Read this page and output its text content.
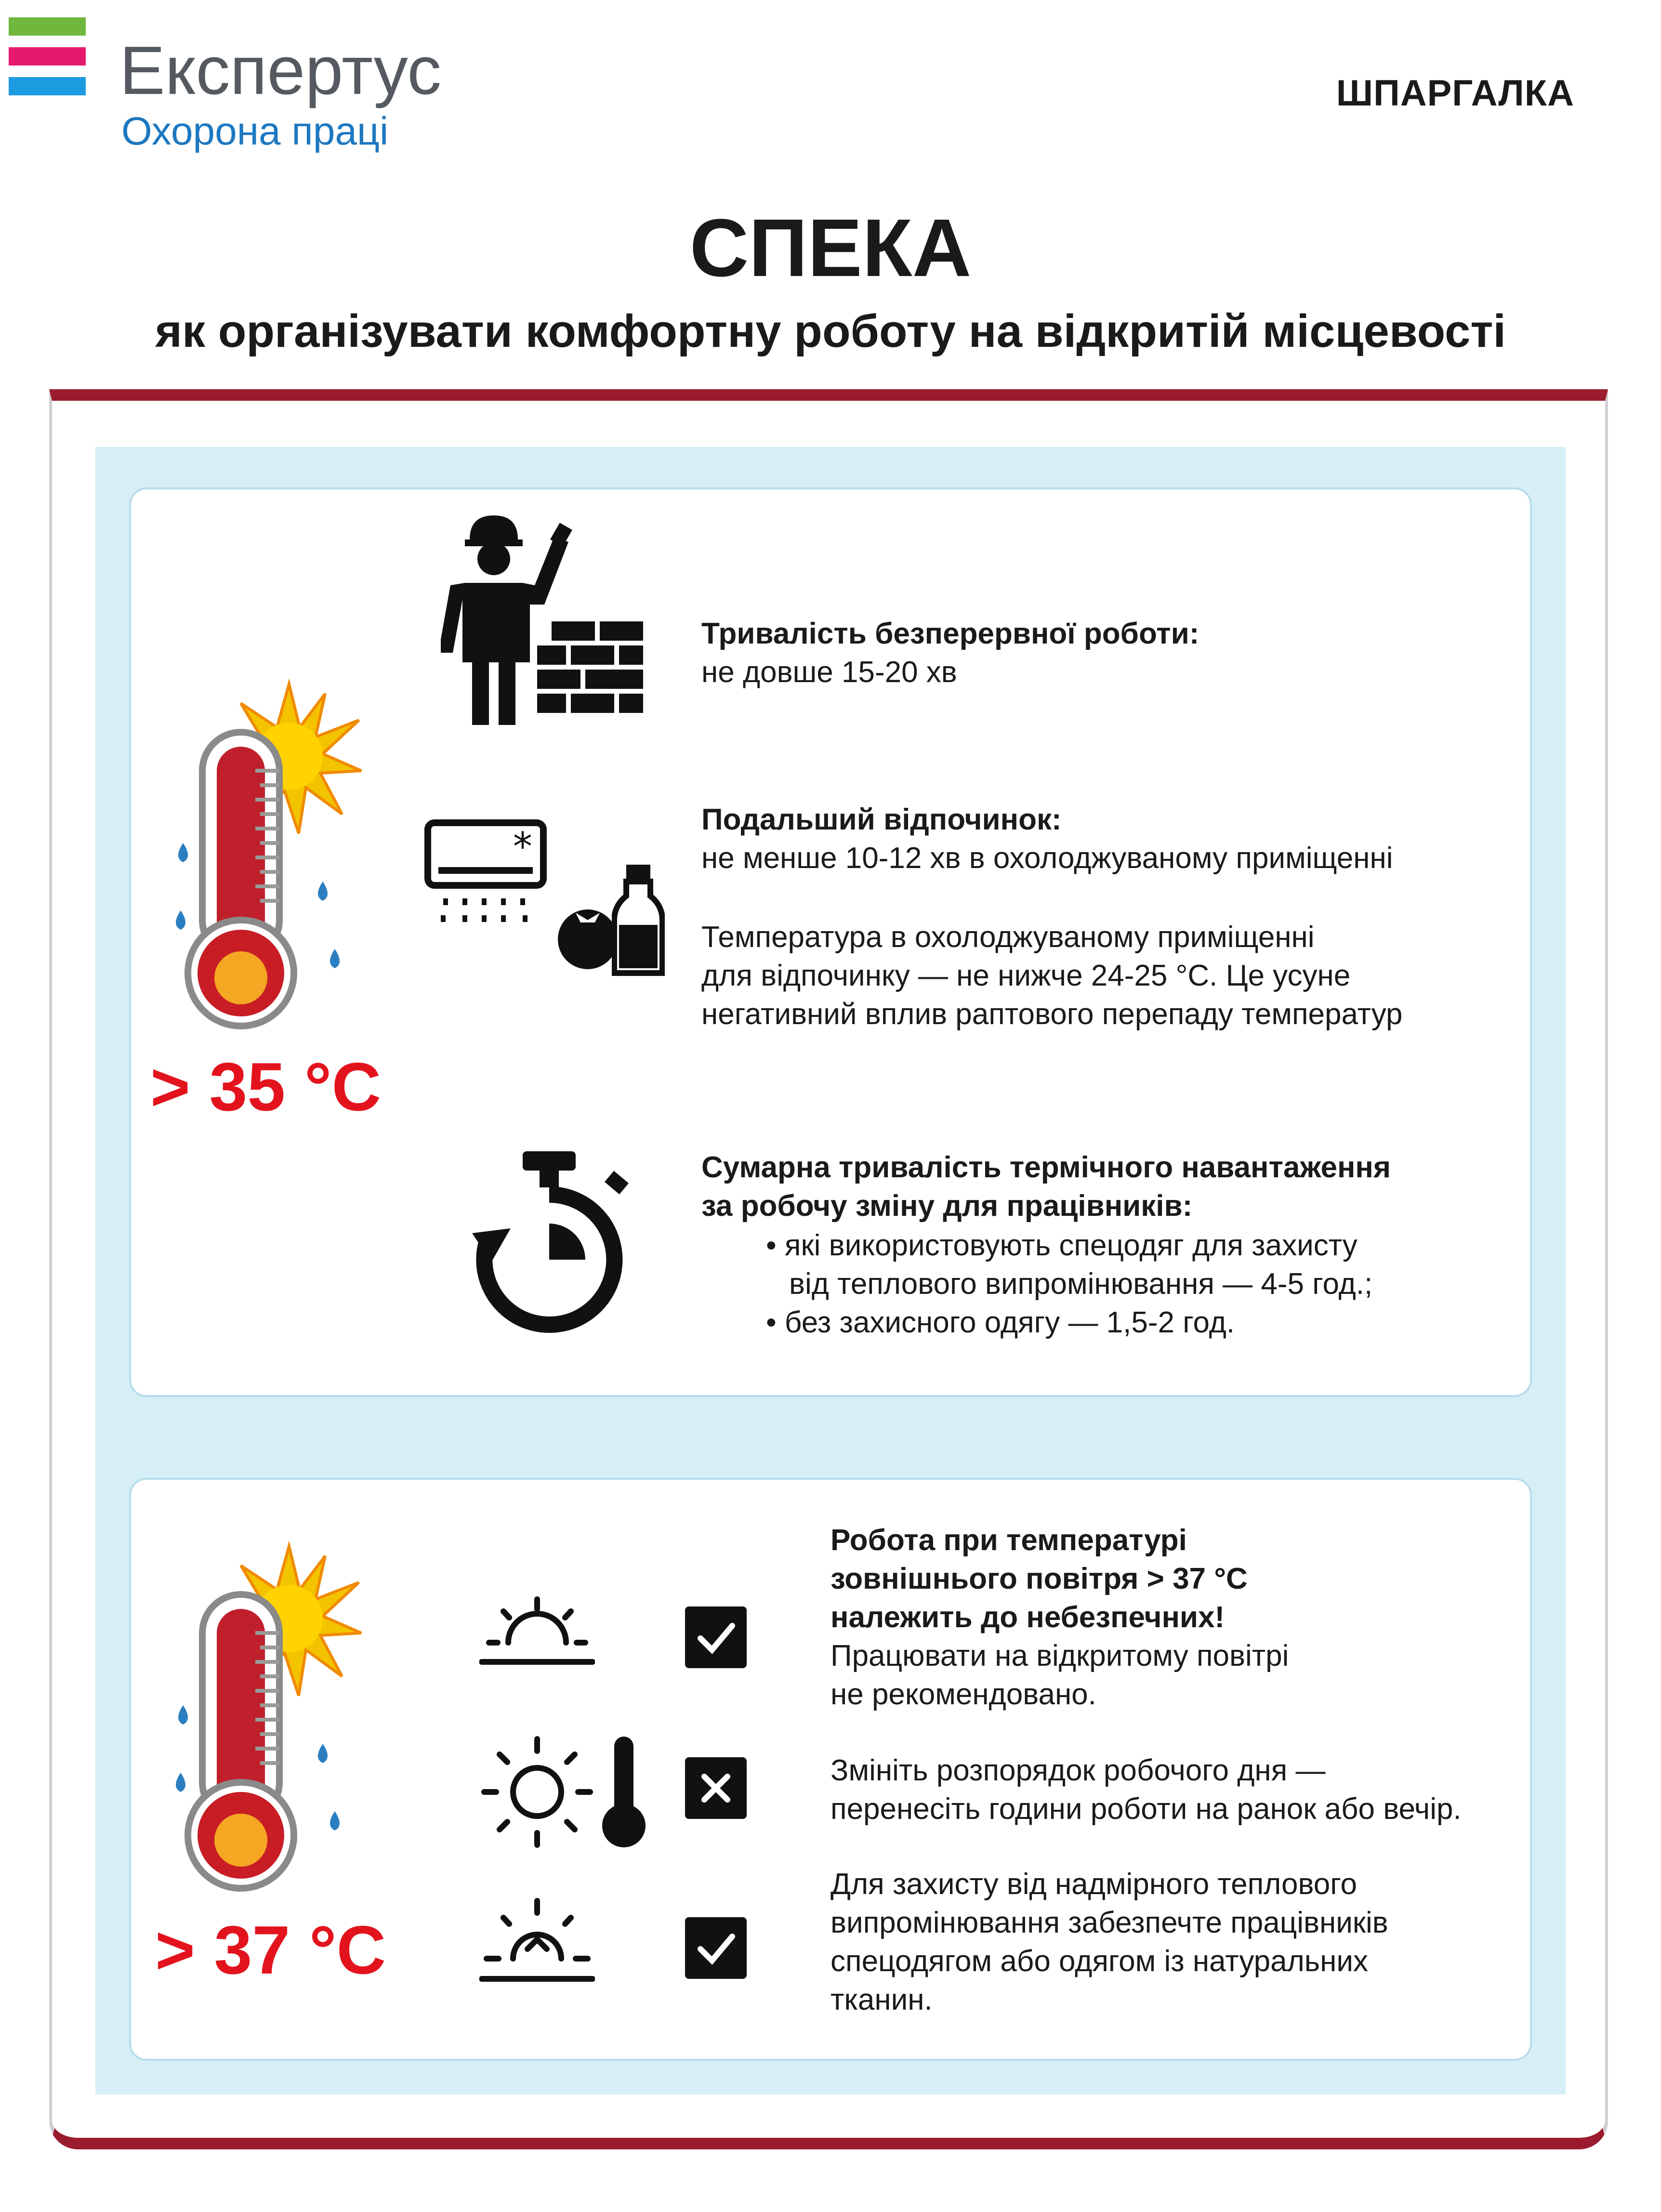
Експертус
Охорона праці
ШПАРГАЛКА
СПЕКА
як організувати комфортну роботу на відкритій місцевості
> 35 °C
Тривалість безперервної роботи:
не довше 15-20 хв
*
Подальший відпочинок:
не менше 10-12 хв в охолоджуваному приміщенні
Температура в охолоджуваному приміщенні
для відпочинку — не нижче 24-25 °С. Це усуне
негативний вплив раптового перепаду температур
Сумарна тривалість термічного навантаження
за робочу зміну для працівників:
• які використовують спецодяг для захисту
від теплового випромінювання — 4-5 год.;
• без захисного одягу — 1,5-2 год.
> 37 °C
Робота при температурі
зовнішнього повітря > 37 °С
належить до небезпечних!
Працювати на відкритому повітрі
не рекомендовано.
Змініть розпорядок робочого дня —
перенесіть години роботи на ранок або вечір.
Для захисту від надмірного теплового
випромінювання забезпечте працівників
спецодягом або одягом із натуральних
тканин.
